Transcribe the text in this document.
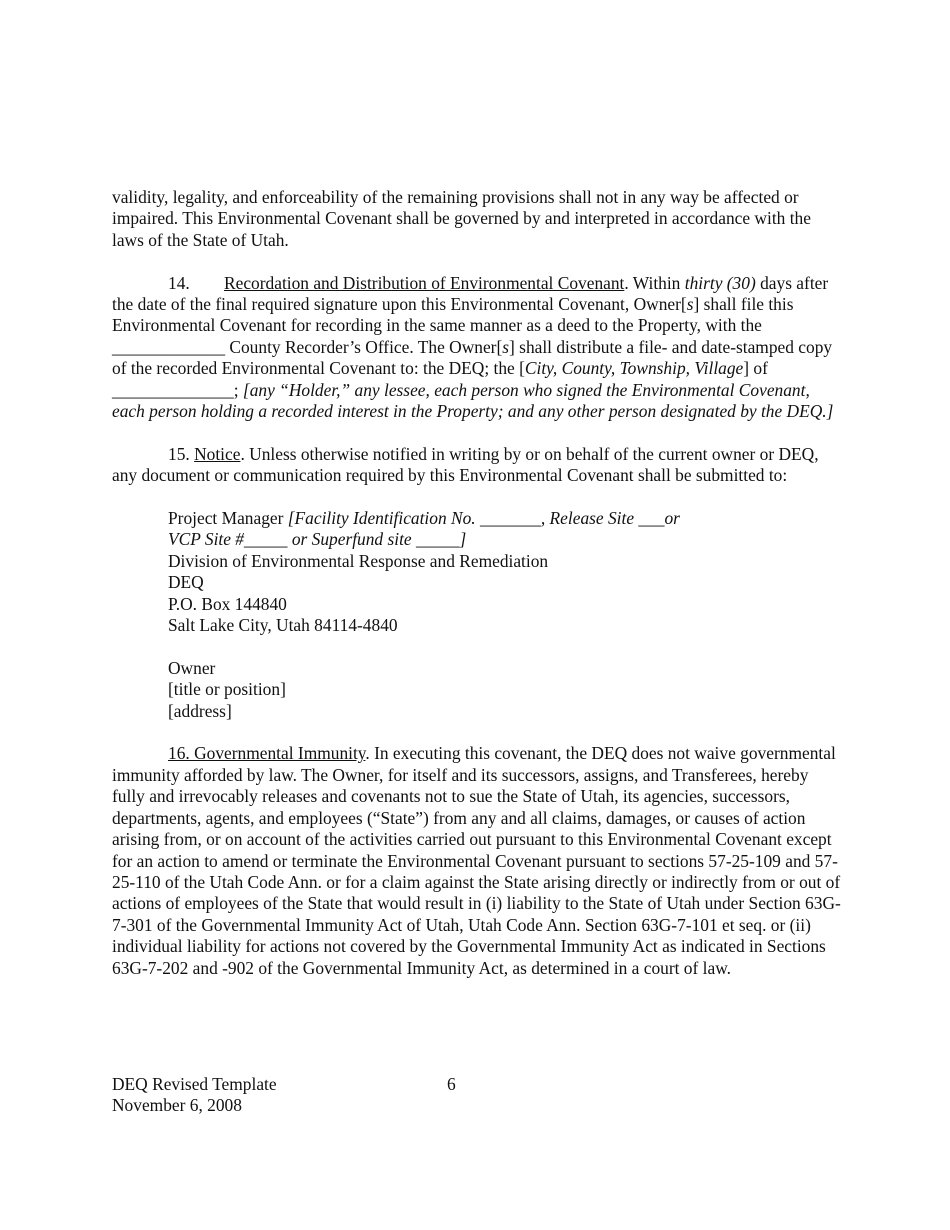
validity, legality, and enforceability of the remaining provisions shall not in any way be affected or impaired. This Environmental Covenant shall be governed by and interpreted in accordance with the laws of the State of Utah.

14. Recordation and Distribution of Environmental Covenant. Within thirty (30) days after the date of the final required signature upon this Environmental Covenant, Owner[s] shall file this Environmental Covenant for recording in the same manner as a deed to the Property, with the _____________ County Recorder’s Office. The Owner[s] shall distribute a file- and date-stamped copy of the recorded Environmental Covenant to: the DEQ; the [City, County, Township, Village] of ______________; [any “Holder,” any lessee, each person who signed the Environmental Covenant, each person holding a recorded interest in the Property; and any other person designated by the DEQ.]

15. Notice. Unless otherwise notified in writing by or on behalf of the current owner or DEQ, any document or communication required by this Environmental Covenant shall be submitted to:

Project Manager [Facility Identification No. _______, Release Site ___or
VCP Site #_____ or Superfund site _____]
Division of Environmental Response and Remediation
DEQ
P.O. Box 144840
Salt Lake City, Utah 84114-4840
Owner
[title or position]
[address]

16. Governmental Immunity. In executing this covenant, the DEQ does not waive governmental immunity afforded by law. The Owner, for itself and its successors, assigns, and Transferees, hereby fully and irrevocably releases and covenants not to sue the State of Utah, its agencies, successors, departments, agents, and employees (“State”) from any and all claims, damages, or causes of action arising from, or on account of the activities carried out pursuant to this Environmental Covenant except for an action to amend or terminate the Environmental Covenant pursuant to sections 57-25-109 and 57-25-110 of the Utah Code Ann. or for a claim against the State arising directly or indirectly from or out of actions of employees of the State that would result in (i) liability to the State of Utah under Section 63G-7-301 of the Governmental Immunity Act of Utah, Utah Code Ann. Section 63G-7-101 et seq. or (ii) individual liability for actions not covered by the Governmental Immunity Act as indicated in Sections 63G-7-202 and -902 of the Governmental Immunity Act, as determined in a court of law.

DEQ Revised Template
November 6, 2008
6
